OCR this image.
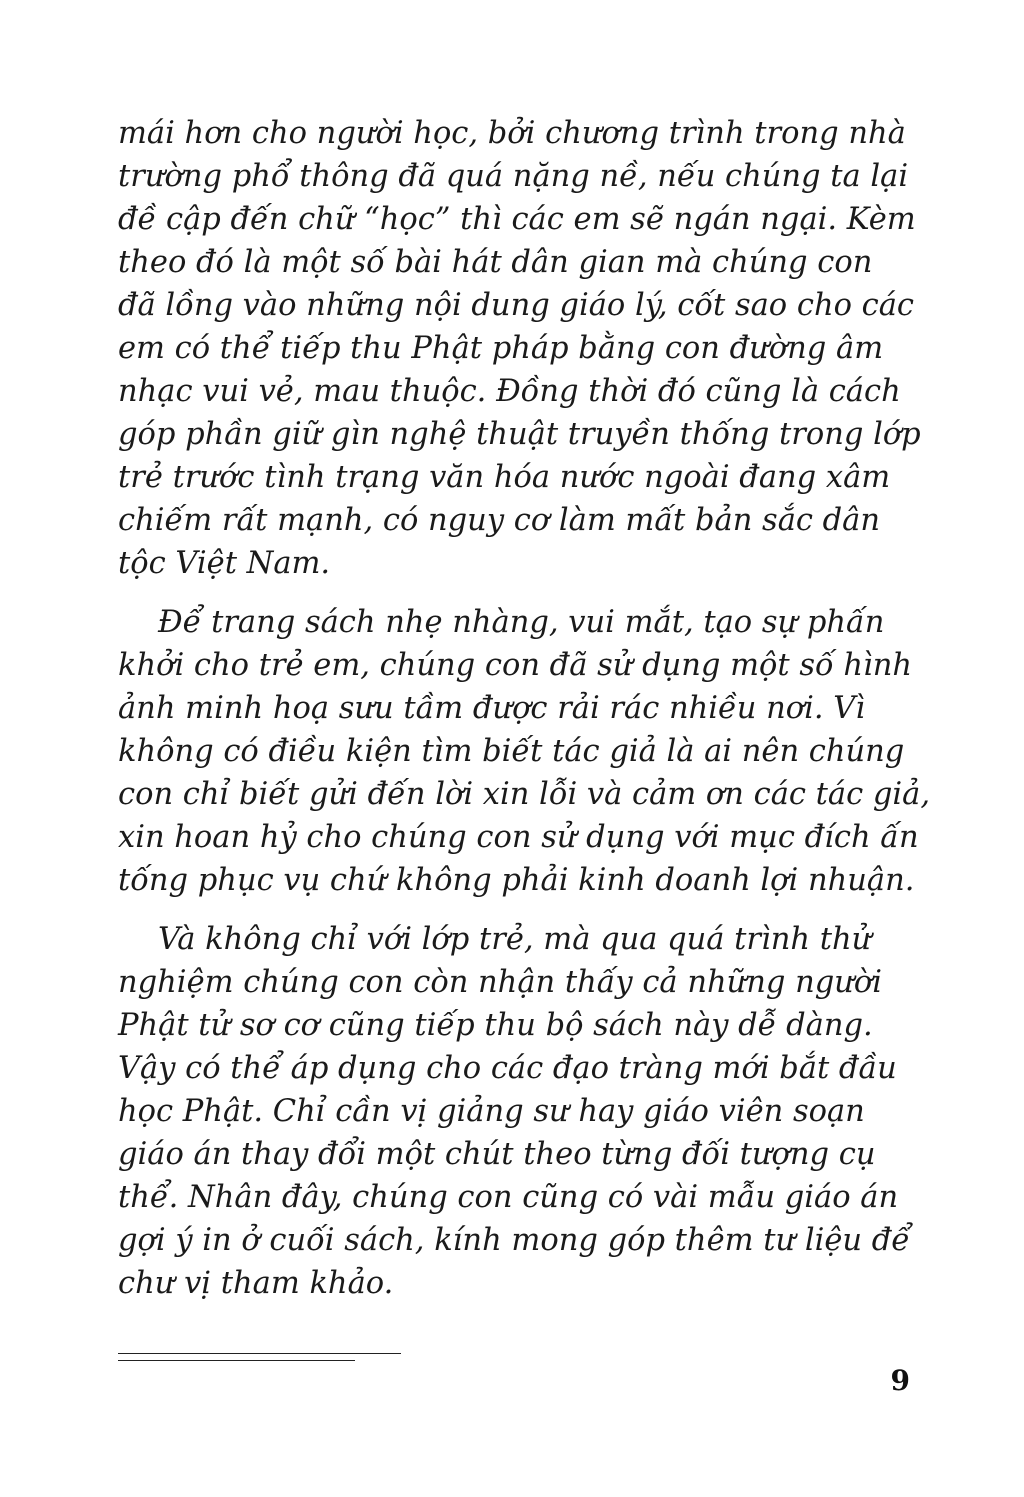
mái hơn cho người học, bởi chương trình trong nhà
trường phổ thông đã quá nặng nề, nếu chúng ta lại
đề cập đến chữ “học” thì các em sẽ ngán ngại. Kèm
theo đó là một số bài hát dân gian mà chúng con
đã lồng vào những nội dung giáo lý, cốt sao cho các
em có thể tiếp thu Phật pháp bằng con đường âm
nhạc vui vẻ, mau thuộc. Đồng thời đó cũng là cách
góp phần giữ gìn nghệ thuật truyền thống trong lớp
trẻ trước tình trạng văn hóa nước ngoài đang xâm
chiếm rất mạnh, có nguy cơ làm mất bản sắc dân
tộc Việt Nam.
Để trang sách nhẹ nhàng, vui mắt, tạo sự phấn
khởi cho trẻ em, chúng con đã sử dụng một số hình
ảnh minh hoạ sưu tầm được rải rác nhiều nơi. Vì
không có điều kiện tìm biết tác giả là ai nên chúng
con chỉ biết gửi đến lời xin lỗi và cảm ơn các tác giả,
xin hoan hỷ cho chúng con sử dụng với mục đích ấn
tống phục vụ chứ không phải kinh doanh lợi nhuận.
Và không chỉ với lớp trẻ, mà qua quá trình thử
nghiệm chúng con còn nhận thấy cả những người
Phật tử sơ cơ cũng tiếp thu bộ sách này dễ dàng.
Vậy có thể áp dụng cho các đạo tràng mới bắt đầu
học Phật. Chỉ cần vị giảng sư hay giáo viên soạn
giáo án thay đổi một chút theo từng đối tượng cụ
thể. Nhân đây, chúng con cũng có vài mẫu giáo án
gợi ý in ở cuối sách, kính mong góp thêm tư liệu để
chư vị tham khảo.
9
